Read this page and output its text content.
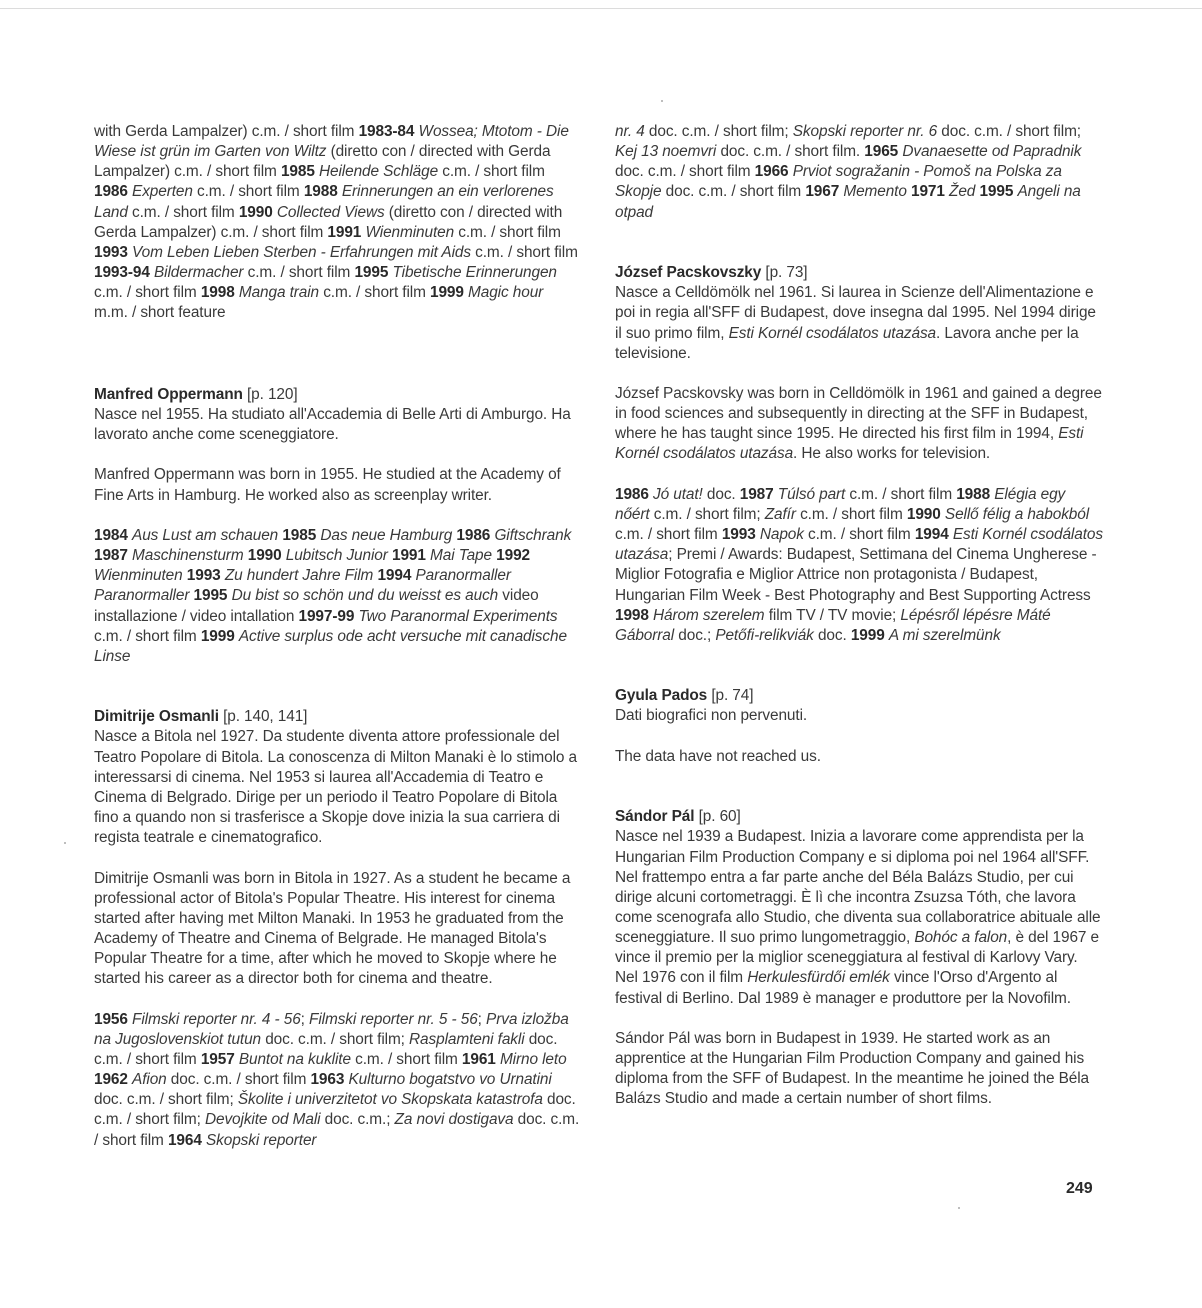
with Gerda Lampalzer) c.m. / short film 1983-84 Wossea; Mtotom - Die Wiese ist grün im Garten von Wiltz (diretto con / directed with Gerda Lampalzer) c.m. / short film 1985 Heilende Schläge c.m. / short film 1986 Experten c.m. / short film 1988 Erinnerungen an ein verlorenes Land c.m. / short film 1990 Collected Views (diretto con / directed with Gerda Lampalzer) c.m. / short film 1991 Wienminuten c.m. / short film 1993 Vom Leben Lieben Sterben - Erfahrungen mit Aids c.m. / short film 1993-94 Bildermacher c.m. / short film 1995 Tibetische Erinnerungen c.m. / short film 1998 Manga train c.m. / short film 1999 Magic hour m.m. / short feature

Manfred Oppermann [p. 120]

Nasce nel 1955. Ha studiato all'Accademia di Belle Arti di Amburgo. Ha lavorato anche come sceneggiatore.

Manfred Oppermann was born in 1955. He studied at the Academy of Fine Arts in Hamburg. He worked also as screenplay writer.

1984 Aus Lust am schauen 1985 Das neue Hamburg 1986 Giftschrank 1987 Maschinensturm 1990 Lubitsch Junior 1991 Mai Tape 1992 Wienminuten 1993 Zu hundert Jahre Film 1994 Paranormaller Paranormaller 1995 Du bist so schön und du weisst es auch video installazione / video intallation 1997-99 Two Paranormal Experiments c.m. / short film 1999 Active surplus ode acht versuche mit canadische Linse

Dimitrije Osmanli [p. 140, 141]

Nasce a Bitola nel 1927. Da studente diventa attore professionale del Teatro Popolare di Bitola. La conoscenza di Milton Manaki è lo stimolo a interessarsi di cinema. Nel 1953 si laurea all'Accademia di Teatro e Cinema di Belgrado. Dirige per un periodo il Teatro Popolare di Bitola fino a quando non si trasferisce a Skopje dove inizia la sua carriera di regista teatrale e cinematografico.

Dimitrije Osmanli was born in Bitola in 1927. As a student he became a professional actor of Bitola's Popular Theatre. His interest for cinema started after having met Milton Manaki. In 1953 he graduated from the Academy of Theatre and Cinema of Belgrade. He managed Bitola's Popular Theatre for a time, after which he moved to Skopje where he started his career as a director both for cinema and theatre.

1956 Filmski reporter nr. 4 - 56; Filmski reporter nr. 5 - 56; Prva izložba na Jugoslovenskiot tutun doc. c.m. / short film; Rasplamteni fakli doc. c.m. / short film 1957 Buntot na kuklite c.m. / short film 1961 Mirno leto 1962 Afion doc. c.m. / short film 1963 Kulturno bogatstvo vo Urnatini doc. c.m. / short film; Školite i univerzitetot vo Skopskata katastrofa doc. c.m. / short film; Devojkite od Mali doc. c.m.; Za novi dostigava doc. c.m. / short film 1964 Skopski reporter

nr. 4 doc. c.m. / short film; Skopski reporter nr. 6 doc. c.m. / short film; Kej 13 noemvri doc. c.m. / short film. 1965 Dvanaesette od Papradnik doc. c.m. / short film 1966 Prviot sogražanin - Pomoš na Polska za Skopje doc. c.m. / short film 1967 Memento 1971 Žed 1995 Angeli na otpad

József Pacskovszky [p. 73]

Nasce a Celldömölk nel 1961. Si laurea in Scienze dell'Alimentazione e poi in regia all'SFF di Budapest, dove insegna dal 1995. Nel 1994 dirige il suo primo film, Esti Kornél csodálatos utazása. Lavora anche per la televisione.

József Pacskovsky was born in Celldömölk in 1961 and gained a degree in food sciences and subsequently in directing at the SFF in Budapest, where he has taught since 1995. He directed his first film in 1994, Esti Kornél csodálatos utazása. He also works for television.

1986 Jó utat! doc. 1987 Túlsó part c.m. / short film 1988 Elégia egy nőért c.m. / short film; Zafír c.m. / short film 1990 Sellő félig a habokból c.m. / short film 1993 Napok c.m. / short film 1994 Esti Kornél csodálatos utazása; Premi / Awards: Budapest, Settimana del Cinema Ungherese - Miglior Fotografia e Miglior Attrice non protagonista / Budapest, Hungarian Film Week - Best Photography and Best Supporting Actress 1998 Három szerelem film TV / TV movie; Lépésről lépésre Máté Gáborral doc.; Petőfi-relikviák doc. 1999 A mi szerelmünk

Gyula Pados [p. 74]

Dati biografici non pervenuti.

The data have not reached us.

Sándor Pál [p. 60]

Nasce nel 1939 a Budapest. Inizia a lavorare come apprendista per la Hungarian Film Production Company e si diploma poi nel 1964 all'SFF. Nel frattempo entra a far parte anche del Béla Balázs Studio, per cui dirige alcuni cortometraggi. È lì che incontra Zsuzsa Tóth, che lavora come scenografa allo Studio, che diventa sua collaboratrice abituale alle sceneggiature. Il suo primo lungometraggio, Bohóc a falon, è del 1967 e vince il premio per la miglior sceneggiatura al festival di Karlovy Vary. Nel 1976 con il film Herkulesfürdői emlék vince l'Orso d'Argento al festival di Berlino. Dal 1989 è manager e produttore per la Novofilm.

Sándor Pál was born in Budapest in 1939. He started work as an apprentice at the Hungarian Film Production Company and gained his diploma from the SFF of Budapest. In the meantime he joined the Béla Balázs Studio and made a certain number of short films.

249
